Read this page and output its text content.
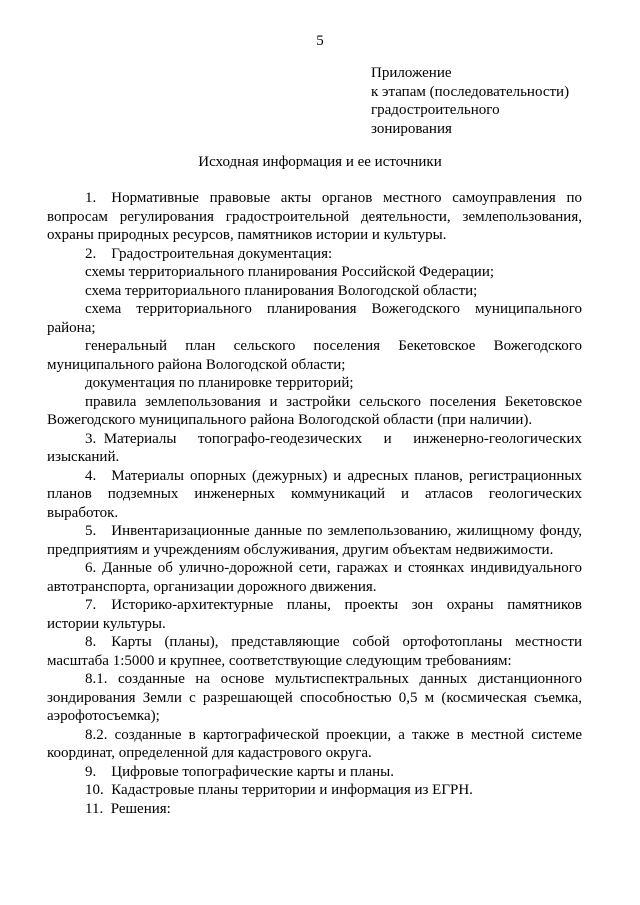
5
Приложение
к этапам (последовательности)
градостроительного
зонирования
Исходная информация и ее источники

1. Нормативные правовые акты органов местного самоуправления по вопросам регулирования градостроительной деятельности, землепользования, охраны природных ресурсов, памятников истории и культуры.

2. Градостроительная документация:

схемы территориального планирования Российской Федерации;

схема территориального планирования Вологодской области;

схема территориального планирования Вожегодского муниципального района;

генеральный план сельского поселения Бекетовское Вожегодского муниципального района Вологодской области;

документация по планировке территорий;

правила землепользования и застройки сельского поселения Бекетовское Вожегодского муниципального района Вологодской области (при наличии).

3. Материалы топографо-геодезических и инженерно-геологических изысканий.

4. Материалы опорных (дежурных) и адресных планов, регистрационных планов подземных инженерных коммуникаций и атласов геологических выработок.

5. Инвентаризационные данные по землепользованию, жилищному фонду, предприятиям и учреждениям обслуживания, другим объектам недвижимости.

6. Данные об улично-дорожной сети, гаражах и стоянках индивидуального автотранспорта, организации дорожного движения.

7. Историко-архитектурные планы, проекты зон охраны памятников истории культуры.

8. Карты (планы), представляющие собой ортофотопланы местности масштаба 1:5000 и крупнее, соответствующие следующим требованиям:

8.1. созданные на основе мультиспектральных данных дистанционного зондирования Земли с разрешающей способностью 0,5 м (космическая съемка, аэрофотосъемка);

8.2. созданные в картографической проекции, а также в местной системе координат, определенной для кадастрового округа.

9. Цифровые топографические карты и планы.

10. Кадастровые планы территории и информация из ЕГРН.

11. Решения:
